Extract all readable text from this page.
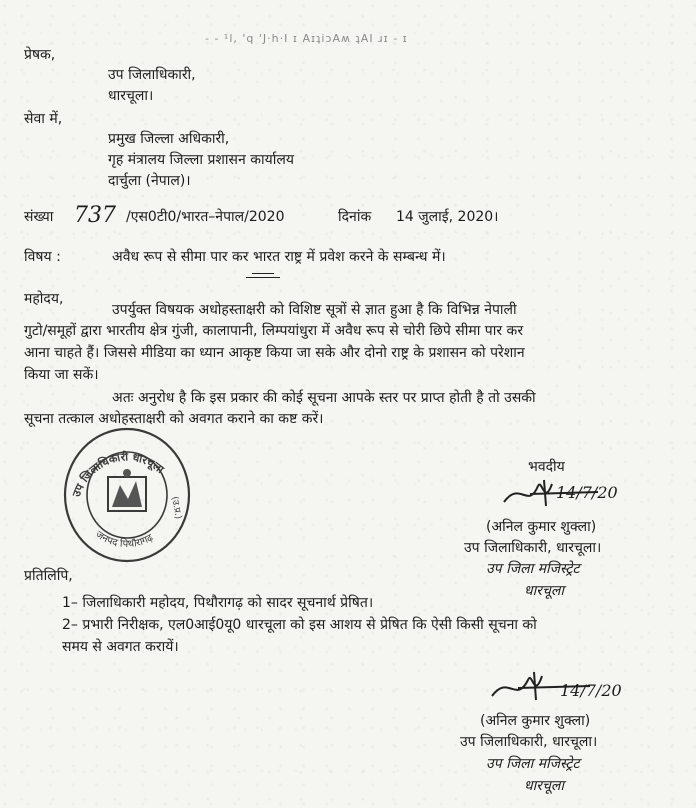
- - ¹l, 'q 'J·h·I ɪ AɪʇiɔAʍ ʇAI ɹɪ - ɪ
प्रेषक,
उप जिलाधिकारी,
धारचूला।
सेवा में,
प्रमुख जिल्ला अधिकारी,
गृह मंत्रालय जिल्ला प्रशासन कार्यालय
दार्चुला (नेपाल)।
संख्या 737 /एस0टी0/भारत–नेपाल/2020	दिनांक 14 जुलाई, 2020।
विषय :	अवैध रूप से सीमा पार कर भारत राष्ट्र में प्रवेश करने के सम्बन्ध में।
महोदय,
उपर्युक्त विषयक अधोहस्ताक्षरी को विशिष्ट सूत्रों से ज्ञात हुआ है कि विभिन्न नेपाली
गुटो/समूहों द्वारा भारतीय क्षेत्र गुंजी, कालापानी, लिम्पयांधुरा में अवैध रूप से चोरी छिपे सीमा पार कर
आना चाहते हैं। जिससे मीडिया का ध्यान आकृष्ट किया जा सके और दोनो राष्ट्र के प्रशासन को परेशान
किया जा सकें।
अतः अनुरोध है कि इस प्रकार की कोई सूचना आपके स्तर पर प्राप्त होती है तो उसकी
सूचना तत्काल अधोहस्ताक्षरी को अवगत कराने का कष्ट करें।
उप जिलाधिकारी धारचूला
जनपद पिथौरागढ़
(उ.प्र.)
भवदीय
14/7/20
(अनिल कुमार शुक्ला)
उप जिलाधिकारी, धारचूला।
उप जिला मजिस्ट्रेट
धारचूला
प्रतिलिपि,
1– जिलाधिकारी महोदय, पिथौरागढ़ को सादर सूचनार्थ प्रेषित।
2– प्रभारी निरीक्षक, एल0आई0यू0 धारचूला को इस आशय से प्रेषित कि ऐसी किसी सूचना को
समय से अवगत करायें।
14/7/20
(अनिल कुमार शुक्ला)
उप जिलाधिकारी, धारचूला।
उप जिला मजिस्ट्रेट
धारचूला
